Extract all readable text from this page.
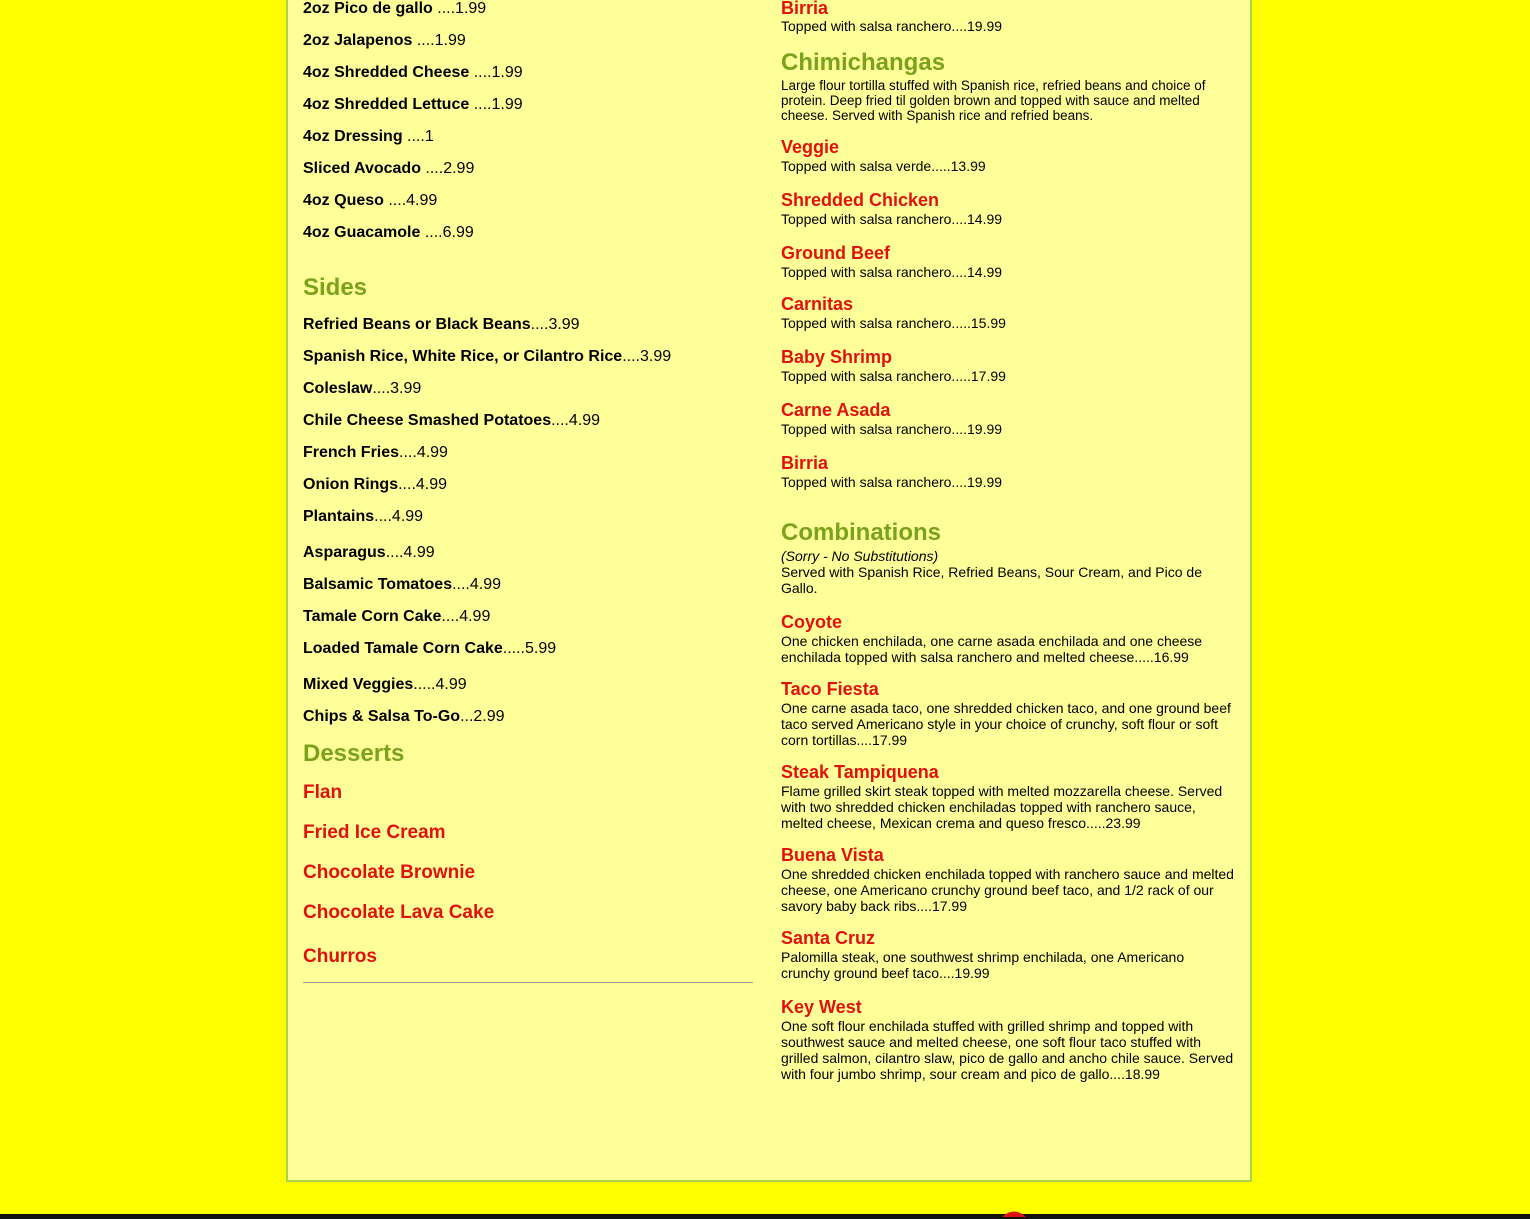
2oz Pico de gallo ....1.99
2oz Jalapenos ....1.99
4oz Shredded Cheese ....1.99
4oz Shredded Lettuce ....1.99
4oz Dressing ....1
Sliced Avocado ....2.99
4oz Queso ....4.99
4oz Guacamole ....6.99
Sides
Refried Beans or Black Beans....3.99
Spanish Rice, White Rice, or Cilantro Rice....3.99
Coleslaw....3.99
Chile Cheese Smashed Potatoes....4.99
French Fries....4.99
Onion Rings....4.99
Plantains....4.99
Asparagus....4.99
Balsamic Tomatoes....4.99
Tamale Corn Cake....4.99
Loaded Tamale Corn Cake.....5.99
Mixed Veggies.....4.99
Chips & Salsa To-Go...2.99
Desserts
Flan
Fried Ice Cream
Chocolate Brownie
Chocolate Lava Cake
Churros
Birria
Topped with salsa ranchero....19.99
Chimichangas
Large flour tortilla stuffed with Spanish rice, refried beans and choice of protein. Deep fried til golden brown and topped with sauce and melted cheese. Served with Spanish rice and refried beans.
Veggie
Topped with salsa verde.....13.99
Shredded Chicken
Topped with salsa ranchero....14.99
Ground Beef
Topped with salsa ranchero....14.99
Carnitas
Topped with salsa ranchero.....15.99
Baby Shrimp
Topped with salsa ranchero.....17.99
Carne Asada
Topped with salsa ranchero....19.99
Birria
Topped with salsa ranchero....19.99
Combinations
(Sorry - No Substitutions)
Served with Spanish Rice, Refried Beans, Sour Cream, and Pico de Gallo.
Coyote
One chicken enchilada, one carne asada enchilada and one cheese enchilada topped with salsa ranchero and melted cheese.....16.99
Taco Fiesta
One carne asada taco, one shredded chicken taco, and one ground beef taco served Americano style in your choice of crunchy, soft flour or soft corn tortillas....17.99
Steak Tampiquena
Flame grilled skirt steak topped with melted mozzarella cheese. Served with two shredded chicken enchiladas topped with ranchero sauce, melted cheese, Mexican crema and queso fresco.....23.99
Buena Vista
One shredded chicken enchilada topped with ranchero sauce and melted cheese, one Americano crunchy ground beef taco, and 1/2 rack of our savory baby back ribs....17.99
Santa Cruz
Palomilla steak, one southwest shrimp enchilada, one Americano crunchy ground beef taco....19.99
Key West
One soft flour enchilada stuffed with grilled shrimp and topped with southwest sauce and melted cheese, one soft flour taco stuffed with grilled salmon, cilantro slaw, pico de gallo and ancho chile sauce. Served with four jumbo shrimp, sour cream and pico de gallo....18.99
